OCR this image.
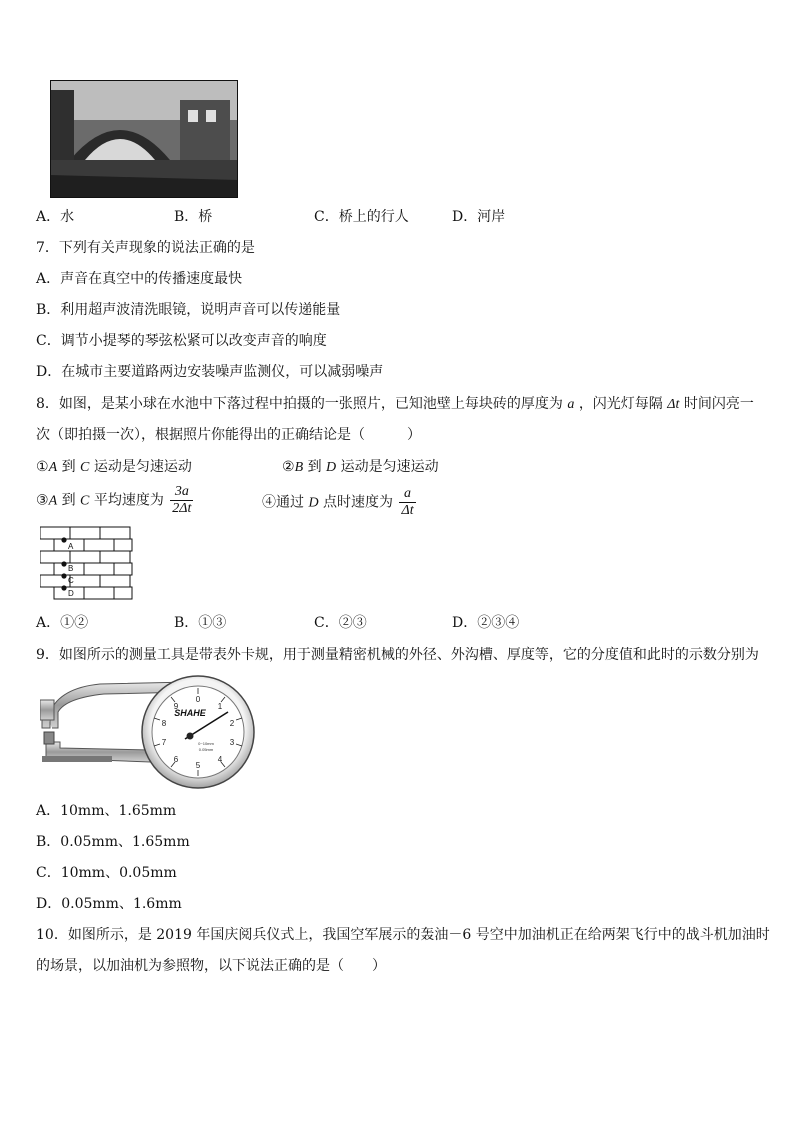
A．水	B．桥	C．桥上的行人	D．河岸
7．下列有关声现象的说法正确的是
A．声音在真空中的传播速度最快
B．利用超声波清洗眼镜，说明声音可以传递能量
C．调节小提琴的琴弦松紧可以改变声音的响度
D．在城市主要道路两边安装噪声监测仪，可以减弱噪声
8．如图，是某小球在水池中下落过程中拍摄的一张照片，已知池壁上每块砖的厚度为 a ，闪光灯每隔 Δt 时间闪亮一
次（即拍摄一次），根据照片你能得出的正确结论是（　　　）
①A 到 C 运动是匀速运动	②B 到 D 运动是匀速运动
③A 到 C 平均速度为 $\frac{3a}{2\Delta t}$	④通过 D 点时速度为 $\frac{a}{\Delta t}$
A
B
C
D
A．①②	B．①③	C．②③	D．②③④
9．如图所示的测量工具是带表外卡规，用于测量精密机械的外径、外沟槽、厚度等，它的分度值和此时的示数分别为
0
1
2
3
4
5
6
7
8
9
SHAHE
0~10mm
0.05mm
A．10mm、1.65mm
B．0.05mm、1.65mm
C．10mm、0.05mm
D．0.05mm、1.6mm
10．如图所示，是 2019 年国庆阅兵仪式上，我国空军展示的轰油－6 号空中加油机正在给两架飞行中的战斗机加油时
的场景，以加油机为参照物，以下说法正确的是（　　）
